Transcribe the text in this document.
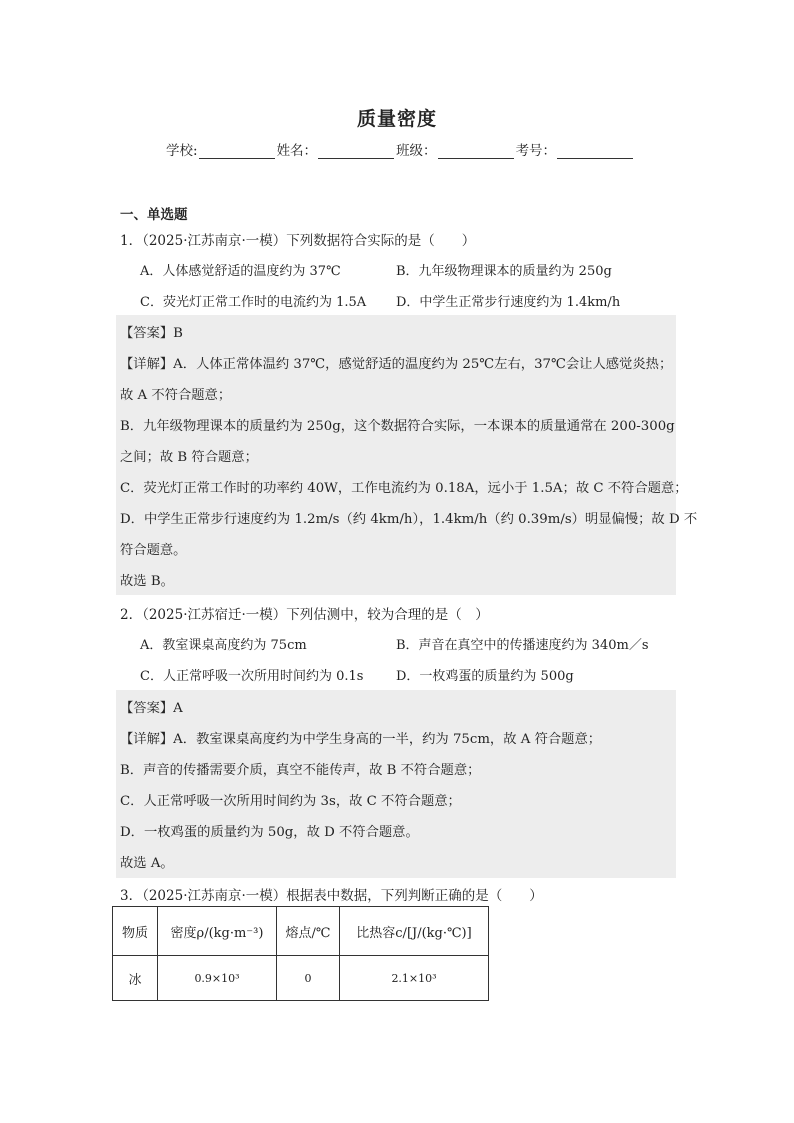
质量密度
学校:	姓名：	班级：	考号：
一、单选题
1．（2025·江苏南京·一模）下列数据符合实际的是（　　）
A．人体感觉舒适的温度约为 37℃	B．九年级物理课本的质量约为 250g
C．荧光灯正常工作时的电流约为 1.5A D．中学生正常步行速度约为 1.4km/h
【答案】B
【详解】A．人体正常体温约 37℃，感觉舒适的温度约为 25℃左右，37℃会让人感觉炎热；
故 A 不符合题意；
B．九年级物理课本的质量约为 250g，这个数据符合实际，一本课本的质量通常在 200-300g
之间；故 B 符合题意；
C．荧光灯正常工作时的功率约 40W，工作电流约为 0.18A，远小于 1.5A；故 C 不符合题意；
D．中学生正常步行速度约为 1.2m/s（约 4km/h），1.4km/h（约 0.39m/s）明显偏慢；故 D 不
符合题意。
故选 B。
2．（2025·江苏宿迁·一模）下列估测中，较为合理的是（　）
A．教室课桌高度约为 75cm	B．声音在真空中的传播速度约为 340m／s
C．人正常呼吸一次所用时间约为 0.1s	D．一枚鸡蛋的质量约为 500g
【答案】A
【详解】A．教室课桌高度约为中学生身高的一半，约为 75cm，故 A 符合题意；
B．声音的传播需要介质，真空不能传声，故 B 不符合题意；
C．人正常呼吸一次所用时间约为 3s，故 C 不符合题意；
D．一枚鸡蛋的质量约为 50g，故 D 不符合题意。
故选 A。
3．（2025·江苏南京·一模）根据表中数据，下列判断正确的是（　　）
物质	密度ρ/(kg·m⁻³)	熔点/℃	比热容c/[J/(kg·℃)]
冰	0.9×10³	0	2.1×10³
